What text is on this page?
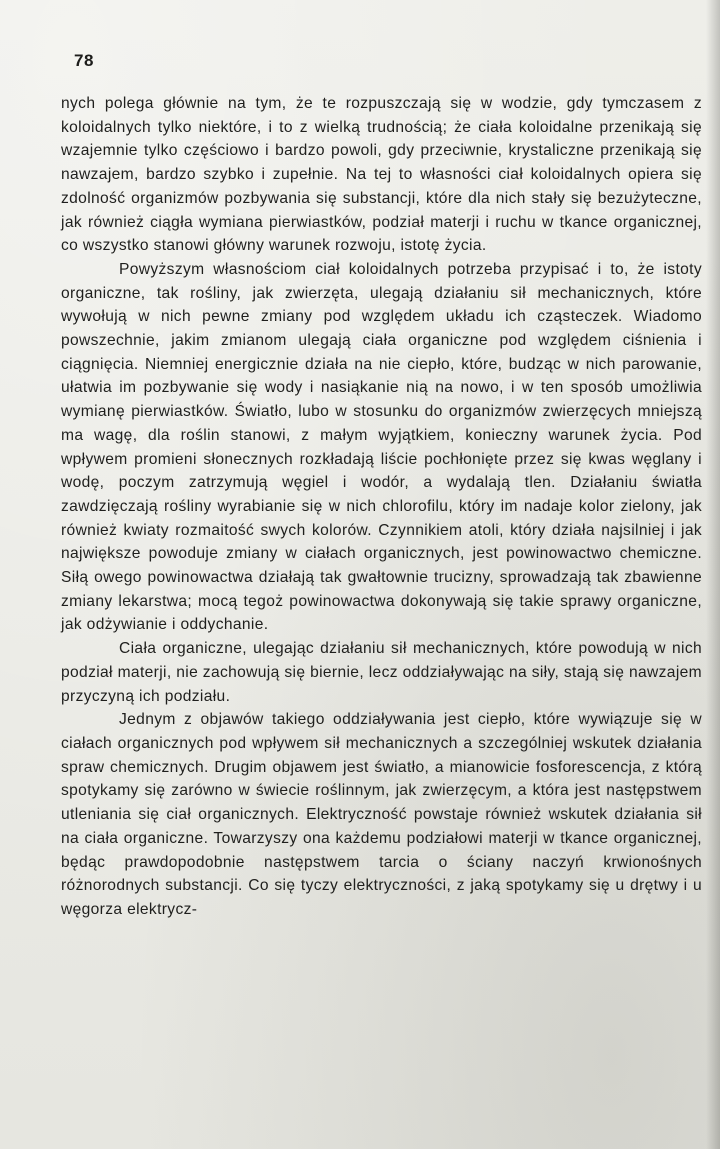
78

nych polega głównie na tym, że te rozpuszczają się w wodzie, gdy tymczasem z koloidalnych tylko niektóre, i to z wielką trudnością; że ciała koloidalne przenikają się wzajemnie tylko częściowo i bardzo powoli, gdy przeciwnie, krystaliczne przenikają się nawzajem, bardzo szybko i zupełnie. Na tej to własności ciał koloidalnych opiera się zdolność organizmów pozbywania się substancji, które dla nich stały się bezużyteczne, jak również ciągła wymiana pierwiastków, podział materji i ruchu w tkance organicznej, co wszystko stanowi główny warunek rozwoju, istotę życia.

Powyższym własnościom ciał koloidalnych potrzeba przypisać i to, że istoty organiczne, tak rośliny, jak zwierzęta, ulegają działaniu sił mechanicznych, które wywołują w nich pewne zmiany pod względem układu ich cząsteczek. Wiadomo powszechnie, jakim zmianom ulegają ciała organiczne pod względem ciśnienia i ciągnięcia. Niemniej energicznie działa na nie ciepło, które, budząc w nich parowanie, ułatwia im pozbywanie się wody i nasiąkanie nią na nowo, i w ten sposób umożliwia wymianę pierwiastków. Światło, lubo w stosunku do organizmów zwierzęcych mniejszą ma wagę, dla roślin stanowi, z małym wyjątkiem, konieczny warunek życia. Pod wpływem promieni słonecznych rozkładają liście pochłonięte przez się kwas węglany i wodę, poczym zatrzymują węgiel i wodór, a wydalają tlen. Działaniu światła zawdzięczają rośliny wyrabianie się w nich chlorofilu, który im nadaje kolor zielony, jak również kwiaty rozmaitość swych kolorów. Czynnikiem atoli, który działa najsilniej i jak największe powoduje zmiany w ciałach organicznych, jest powinowactwo chemiczne. Siłą owego powinowactwa działają tak gwałtownie trucizny, sprowadzają tak zbawienne zmiany lekarstwa; mocą tegoż powinowactwa dokonywają się takie sprawy organiczne, jak odżywianie i oddychanie.

Ciała organiczne, ulegając działaniu sił mechanicznych, które powodują w nich podział materji, nie zachowują się biernie, lecz oddziaływając na siły, stają się nawzajem przyczyną ich podziału.

Jednym z objawów takiego oddziaływania jest ciepło, które wywiązuje się w ciałach organicznych pod wpływem sił mechanicznych a szczególniej wskutek działania spraw chemicznych. Drugim objawem jest światło, a mianowicie fosforescencja, z którą spotykamy się zarówno w świecie roślinnym, jak zwierzęcym, a która jest następstwem utleniania się ciał organicznych. Elektryczność powstaje również wskutek działania sił na ciała organiczne. Towarzyszy ona każdemu podziałowi materji w tkance organicznej, będąc prawdopodobnie następstwem tarcia o ściany naczyń krwionośnych różnorodnych substancji. Co się tyczy elektryczności, z jaką spotykamy się u drętwy i u węgorza elektrycz-
